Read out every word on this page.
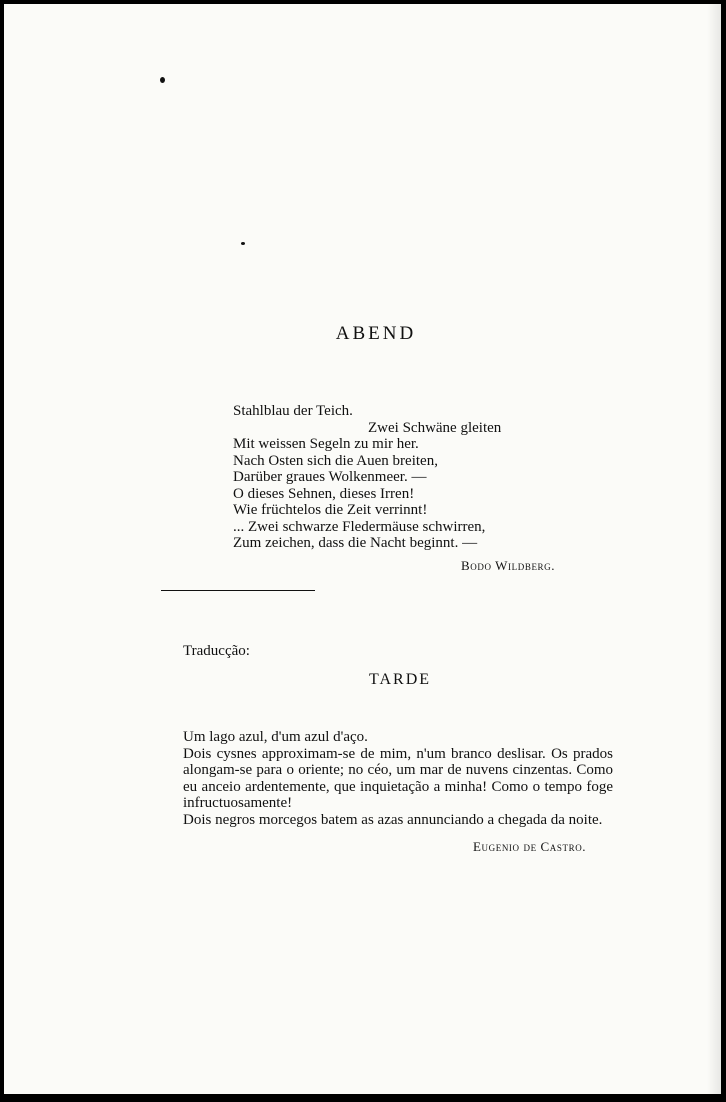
ABEND
Stahlblau der Teich.
Zwei Schwäne gleiten
Mit weissen Segeln zu mir her.
Nach Osten sich die Auen breiten,
Darüber graues Wolkenmeer. —
O dieses Sehnen, dieses Irren!
Wie früchtelos die Zeit verrinnt!
... Zwei schwarze Fledermäuse schwirren,
Zum zeichen, dass die Nacht beginnt. —
Bodo Wildberg.
Traducção:
TARDE
Um lago azul, d'um azul d'aço.
Dois cysnes approximam-se de mim, n'um branco deslisar. Os prados
alongam-se para o oriente; no céo, um mar de nuvens cinzentas. Como
eu anceio ardentemente, que inquietação a minha! Como o tempo foge
infructuosamente!
Dois negros morcegos batem as azas annunciando a chegada da noite.
Eugenio de Castro.
